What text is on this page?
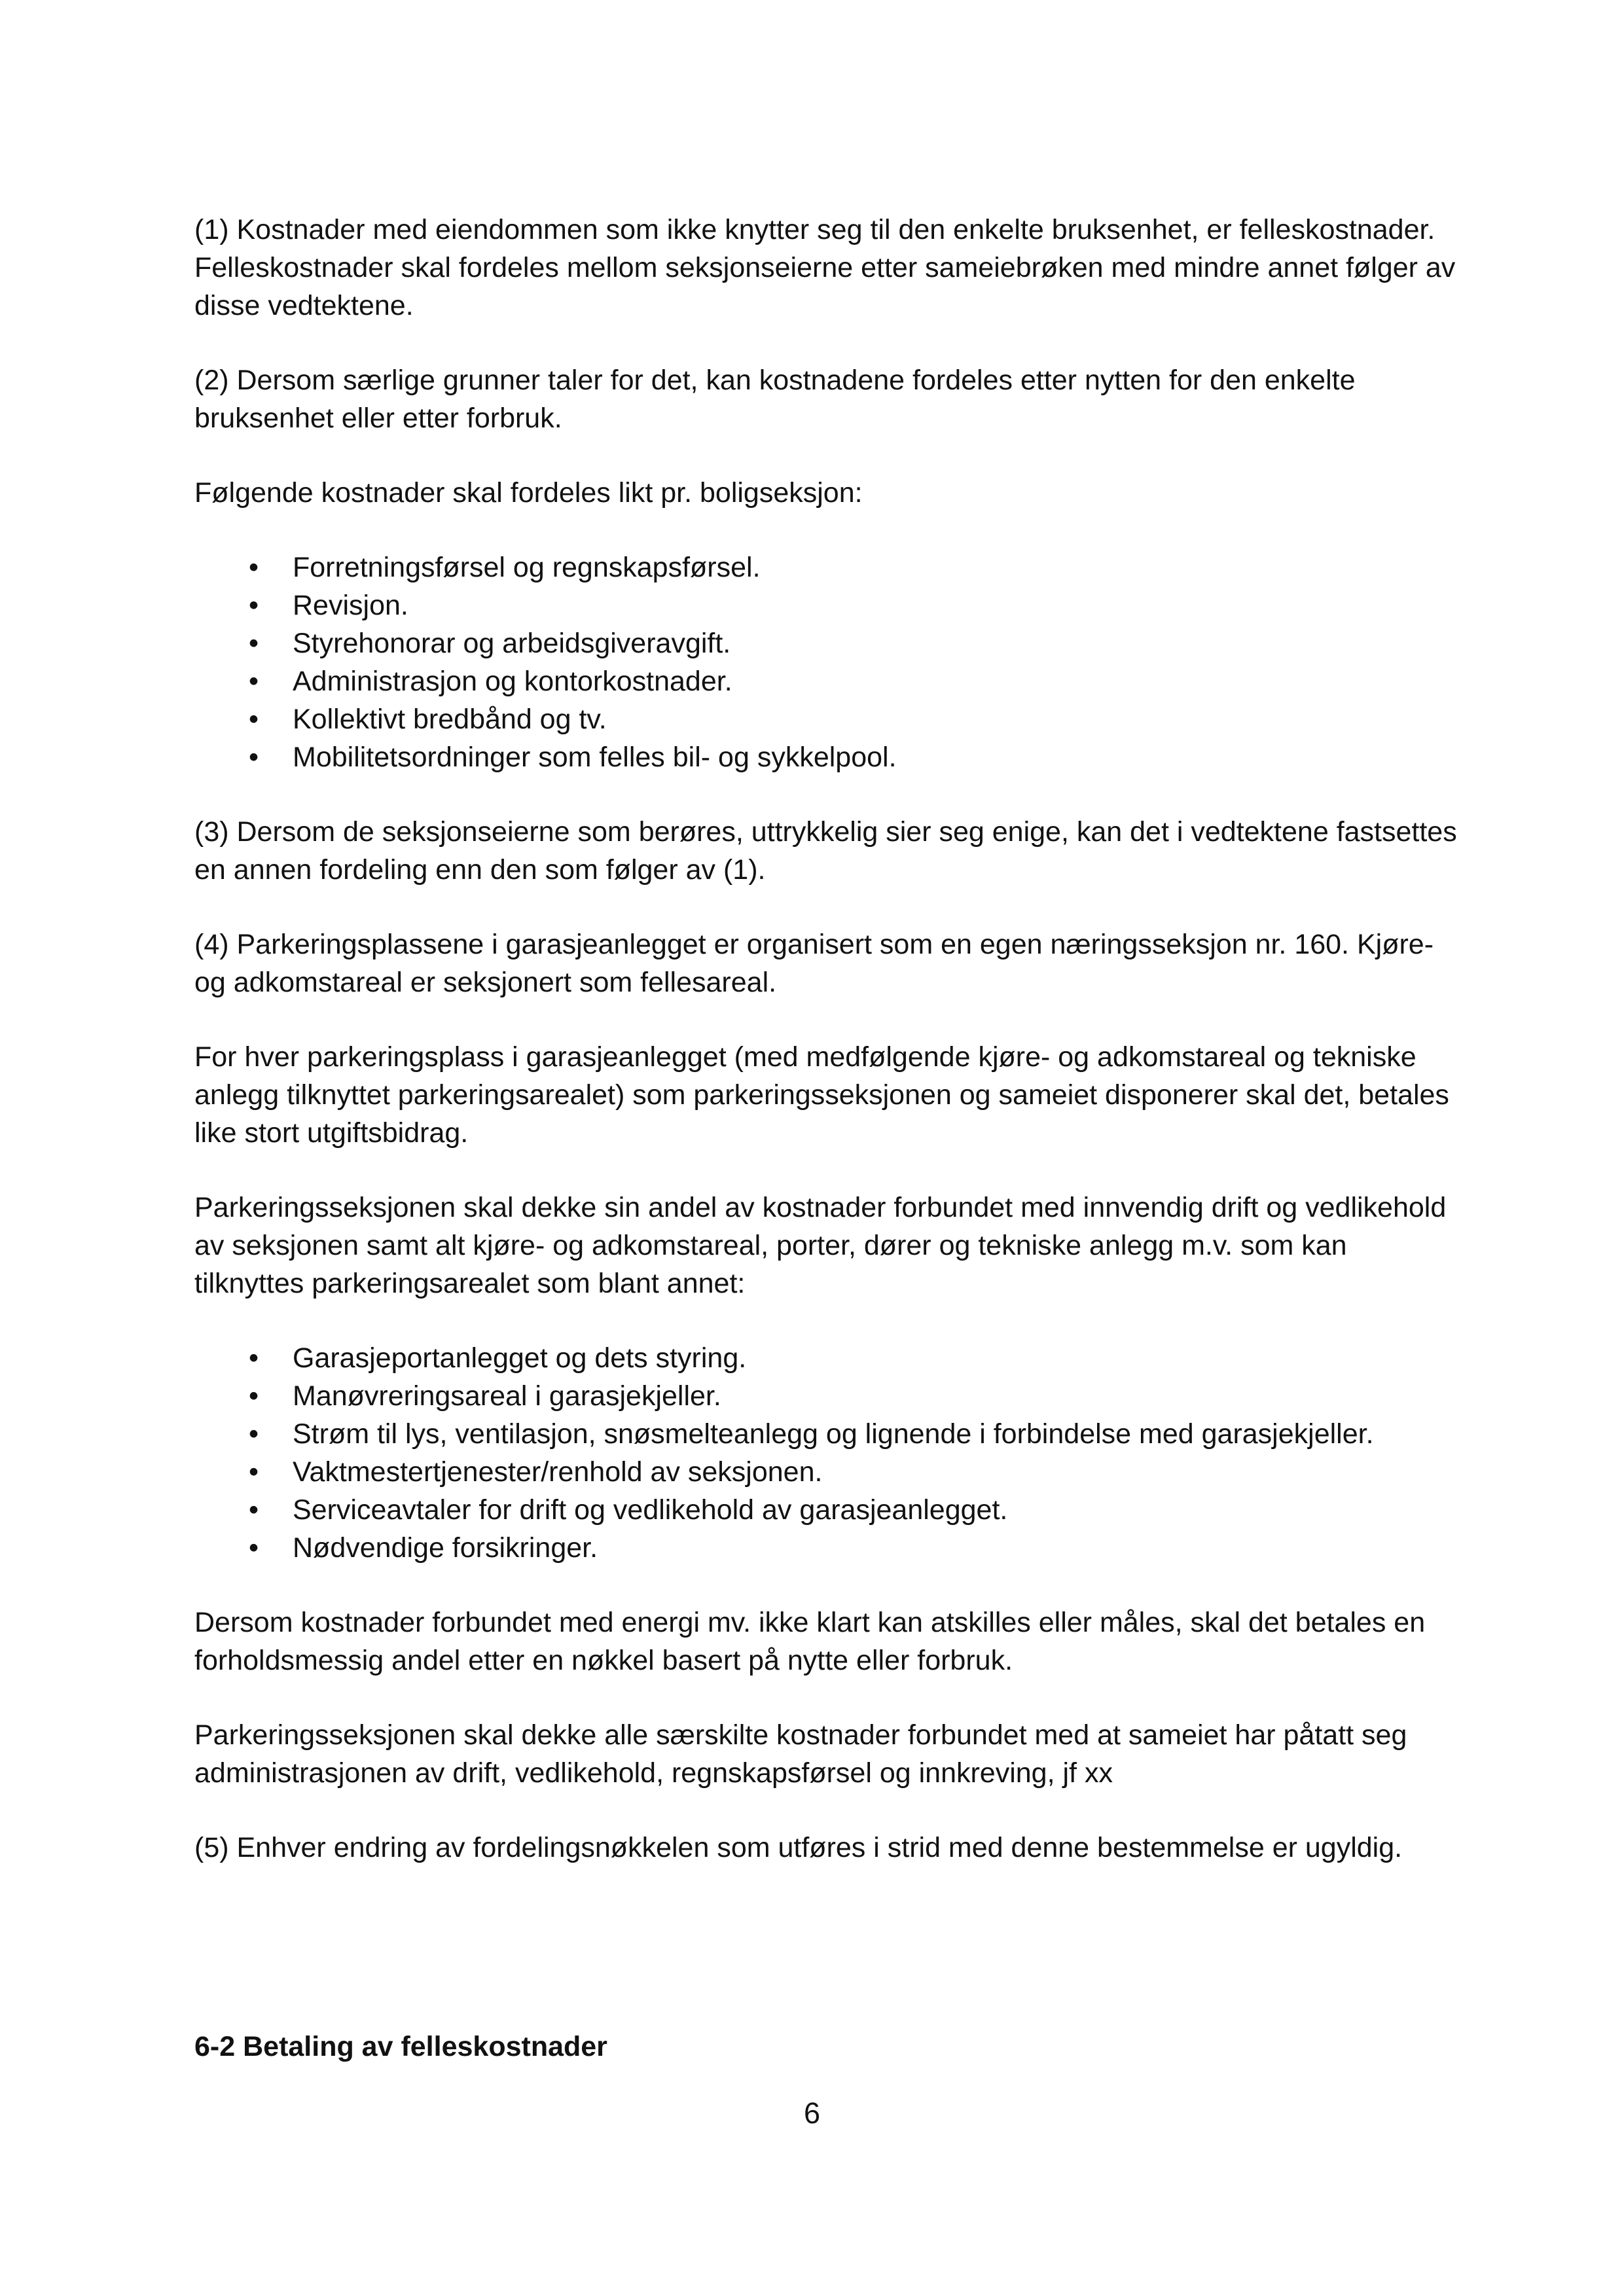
(1) Kostnader med eiendommen som ikke knytter seg til den enkelte bruksenhet, er felleskostnader. Felleskostnader skal fordeles mellom seksjonseierne etter sameiebrøken med mindre annet følger av disse vedtektene.

(2) Dersom særlige grunner taler for det, kan kostnadene fordeles etter nytten for den enkelte bruksenhet eller etter forbruk.

Følgende kostnader skal fordeles likt pr. boligseksjon:

• Forretningsførsel og regnskapsførsel.
• Revisjon.
• Styrehonorar og arbeidsgiveravgift.
• Administrasjon og kontorkostnader.
• Kollektivt bredbånd og tv.
• Mobilitetsordninger som felles bil- og sykkelpool.

(3) Dersom de seksjonseierne som berøres, uttrykkelig sier seg enige, kan det i vedtektene fastsettes en annen fordeling enn den som følger av (1).

(4) Parkeringsplassene i garasjeanlegget er organisert som en egen næringsseksjon nr. 160. Kjøre- og adkomstareal er seksjonert som fellesareal.

For hver parkeringsplass i garasjeanlegget (med medfølgende kjøre- og adkomstareal og tekniske anlegg tilknyttet parkeringsarealet) som parkeringsseksjonen og sameiet disponerer skal det, betales like stort utgiftsbidrag.

Parkeringsseksjonen skal dekke sin andel av kostnader forbundet med innvendig drift og vedlikehold av seksjonen samt alt kjøre- og adkomstareal, porter, dører og tekniske anlegg m.v. som kan tilknyttes parkeringsarealet som blant annet:

• Garasjeportanlegget og dets styring.
• Manøvreringsareal i garasjekjeller.
• Strøm til lys, ventilasjon, snøsmelteanlegg og lignende i forbindelse med garasjekjeller.
• Vaktmestertjenester/renhold av seksjonen.
• Serviceavtaler for drift og vedlikehold av garasjeanlegget.
• Nødvendige forsikringer.

Dersom kostnader forbundet med energi mv. ikke klart kan atskilles eller måles, skal det betales en forholdsmessig andel etter en nøkkel basert på nytte eller forbruk.

Parkeringsseksjonen skal dekke alle særskilte kostnader forbundet med at sameiet har påtatt seg administrasjonen av drift, vedlikehold, regnskapsførsel og innkreving, jf xx

(5) Enhver endring av fordelingsnøkkelen som utføres i strid med denne bestemmelse er ugyldig.

6-2 Betaling av felleskostnader
6
